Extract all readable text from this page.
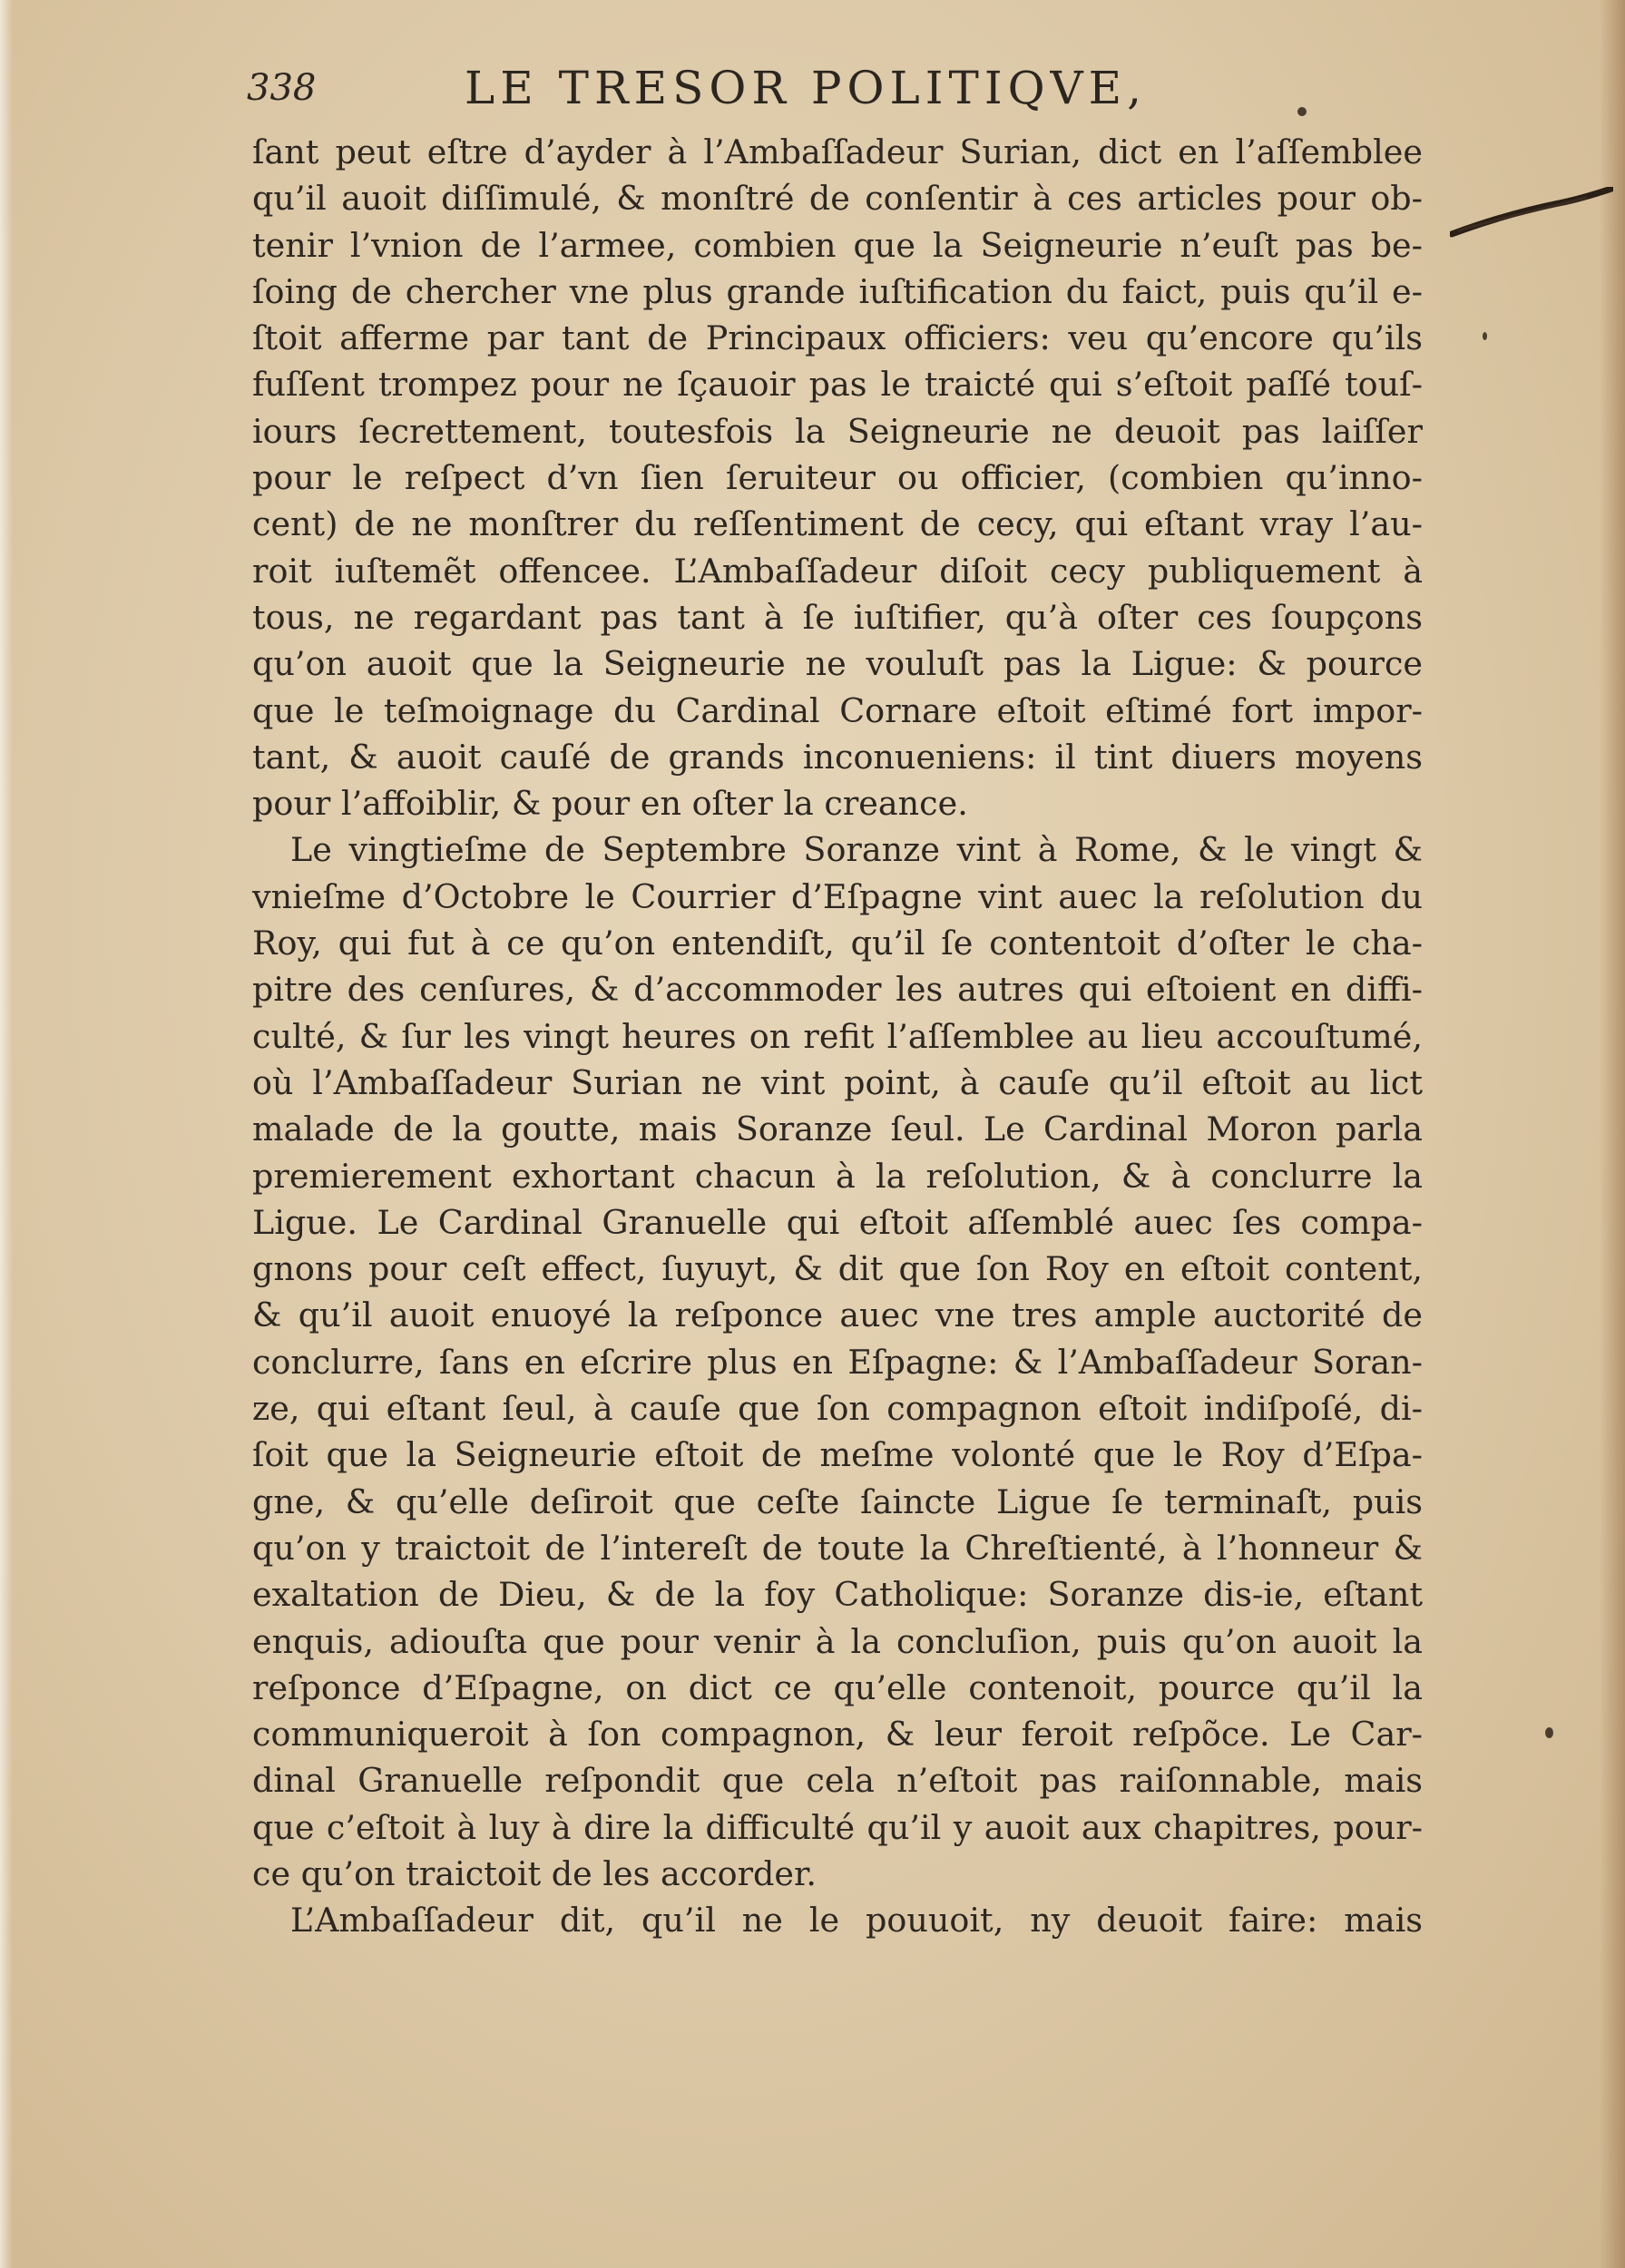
338	LE TRESOR POLITIQVE,
ſant peut eſtre d’ayder à l’Ambaſſadeur Surian, dict en l’aſſemblee
qu’il auoit diſſimulé, & monſtré de conſentir à ces articles pour ob-
tenir l’vnion de l’armee, combien que la Seigneurie n’euſt pas be-
ſoing de chercher vne plus grande iuſtification du faict, puis qu’il e-
ſtoit afferme par tant de Principaux officiers: veu qu’encore qu’ils
fuſſent trompez pour ne ſçauoir pas le traicté qui s’eſtoit paſſé touſ-
iours ſecrettement, toutesfois la Seigneurie ne deuoit pas laiſſer
pour le reſpect d’vn ſien ſeruiteur ou officier, (combien qu’inno-
cent) de ne monſtrer du reſſentiment de cecy, qui eſtant vray l’au-
roit iuſtemẽt offencee. L’Ambaſſadeur diſoit cecy publiquement à
tous, ne regardant pas tant à ſe iuſtifier, qu’à oſter ces ſoupçons
qu’on auoit que la Seigneurie ne vouluſt pas la Ligue: & pource
que le teſmoignage du Cardinal Cornare eſtoit eſtimé fort impor-
tant, & auoit cauſé de grands inconueniens: il tint diuers moyens
pour l’affoiblir, & pour en oſter la creance.
Le vingtieſme de Septembre Soranze vint à Rome, & le vingt &
vnieſme d’Octobre le Courrier d’Eſpagne vint auec la reſolution du
Roy, qui fut à ce qu’on entendiſt, qu’il ſe contentoit d’oſter le cha-
pitre des cenſures, & d’accommoder les autres qui eſtoient en diffi-
culté, & ſur les vingt heures on refit l’aſſemblee au lieu accouſtumé,
où l’Ambaſſadeur Surian ne vint point, à cauſe qu’il eſtoit au lict
malade de la goutte, mais Soranze ſeul. Le Cardinal Moron parla
premierement exhortant chacun à la reſolution, & à conclurre la
Ligue. Le Cardinal Granuelle qui eſtoit aſſemblé auec ſes compa-
gnons pour ceſt effect, ſuyuyt, & dit que ſon Roy en eſtoit content,
& qu’il auoit enuoyé la reſponce auec vne tres ample auctorité de
conclurre, ſans en eſcrire plus en Eſpagne: & l’Ambaſſadeur Soran-
ze, qui eſtant ſeul, à cauſe que ſon compagnon eſtoit indiſpoſé, di-
ſoit que la Seigneurie eſtoit de meſme volonté que le Roy d’Eſpa-
gne, & qu’elle deſiroit que ceſte ſaincte Ligue ſe terminaſt, puis
qu’on y traictoit de l’intereſt de toute la Chreſtienté, à l’honneur &
exaltation de Dieu, & de la foy Catholique: Soranze dis-ie, eſtant
enquis, adiouſta que pour venir à la concluſion, puis qu’on auoit la
reſponce d’Eſpagne, on dict ce qu’elle contenoit, pource qu’il la
communiqueroit à ſon compagnon, & leur feroit reſpõce. Le Car-
dinal Granuelle reſpondit que cela n’eſtoit pas raiſonnable, mais
que c’eſtoit à luy à dire la difficulté qu’il y auoit aux chapitres, pour-
ce qu’on traictoit de les accorder.
L’Ambaſſadeur dit, qu’il ne le pouuoit, ny deuoit faire: mais
